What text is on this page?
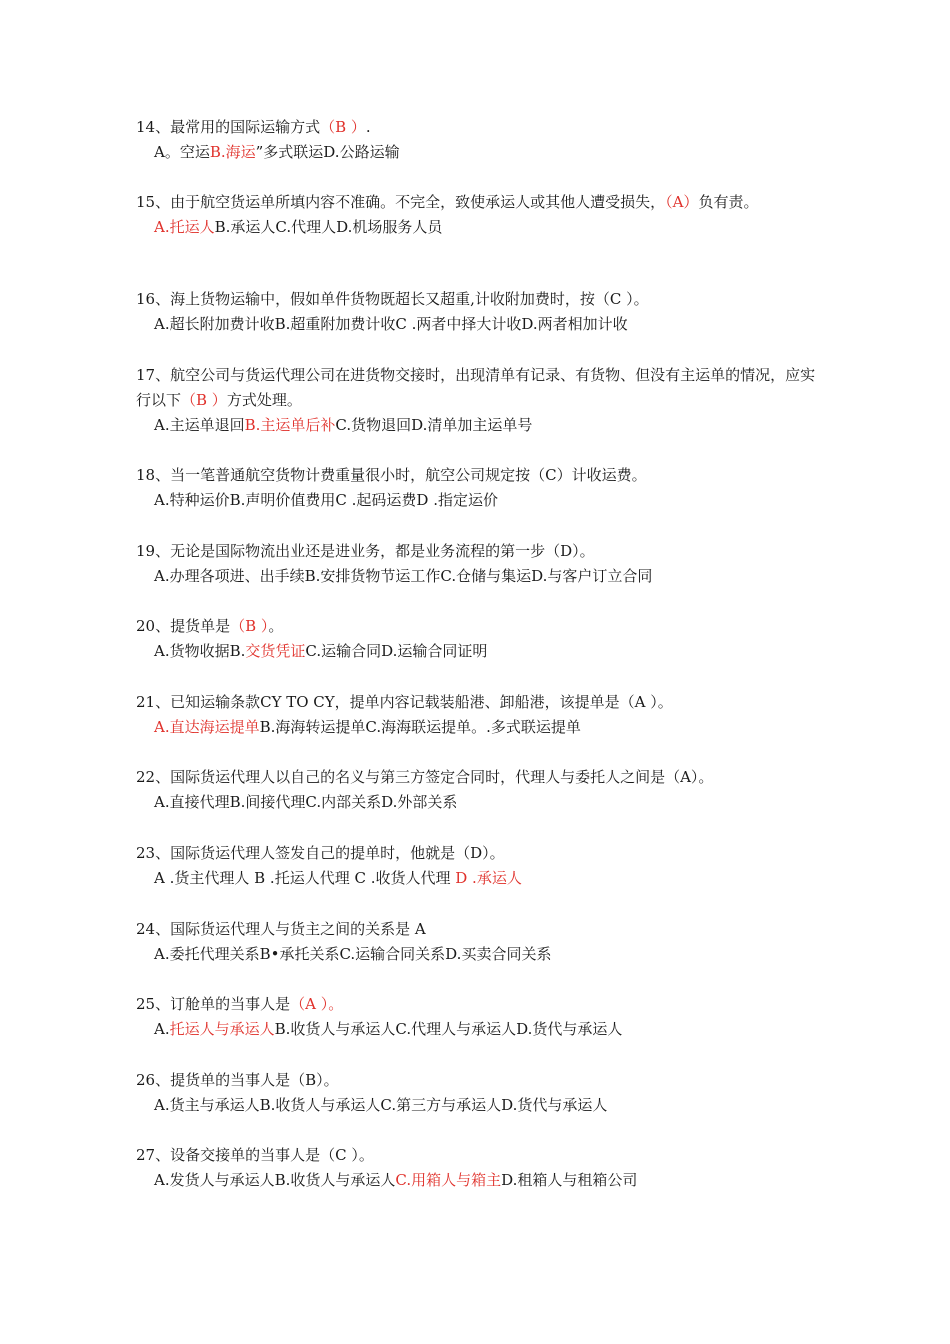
14、最常用的国际运输方式（B ）.
A。空运B.海运”多式联运D.公路运输
15、由于航空货运单所填内容不准确。不完全，致使承运人或其他人遭受损失，（A）负有责。
A.托运人B.承运人C.代理人D.机场服务人员
16、海上货物运输中，假如单件货物既超长又超重,计收附加费时，按（C ）。
A.超长附加费计收B.超重附加费计收C .两者中择大计收D.两者相加计收
17、航空公司与货运代理公司在进货物交接时，出现清单有记录、有货物、但没有主运单的情况，应实行以下（B ）方式处理。
A.主运单退回B.主运单后补C.货物退回D.清单加主运单号
18、当一笔普通航空货物计费重量很小时，航空公司规定按（C）计收运费。
A.特种运价B.声明价值费用C .起码运费D .指定运价
19、无论是国际物流出业还是进业务，都是业务流程的第一步（D）。
A.办理各项进、出手续B.安排货物节运工作C.仓储与集运D.与客户订立合同
20、提货单是（B ）。
A.货物收据B.交货凭证C.运输合同D.运输合同证明
21、已知运输条款CY TO CY，提单内容记载装船港、卸船港，该提单是（A ）。
A.直达海运提单B.海海转运提单C.海海联运提单。.多式联运提单
22、国际货运代理人以自己的名义与第三方签定合同时，代理人与委托人之间是（A）。
A.直接代理B.间接代理C.内部关系D.外部关系
23、国际货运代理人签发自己的提单时，他就是（D）。
A .货主代理人 B .托运人代理 C .收货人代理 D .承运人
24、国际货运代理人与货主之间的关系是 A
A.委托代理关系B•承托关系C.运输合同关系D.买卖合同关系
25、订舱单的当事人是（A ）。
A.托运人与承运人B.收货人与承运人C.代理人与承运人D.货代与承运人
26、提货单的当事人是（B）。
A.货主与承运人B.收货人与承运人C.第三方与承运人D.货代与承运人
27、设备交接单的当事人是（C ）。
A.发货人与承运人B.收货人与承运人C.用箱人与箱主D.租箱人与租箱公司
